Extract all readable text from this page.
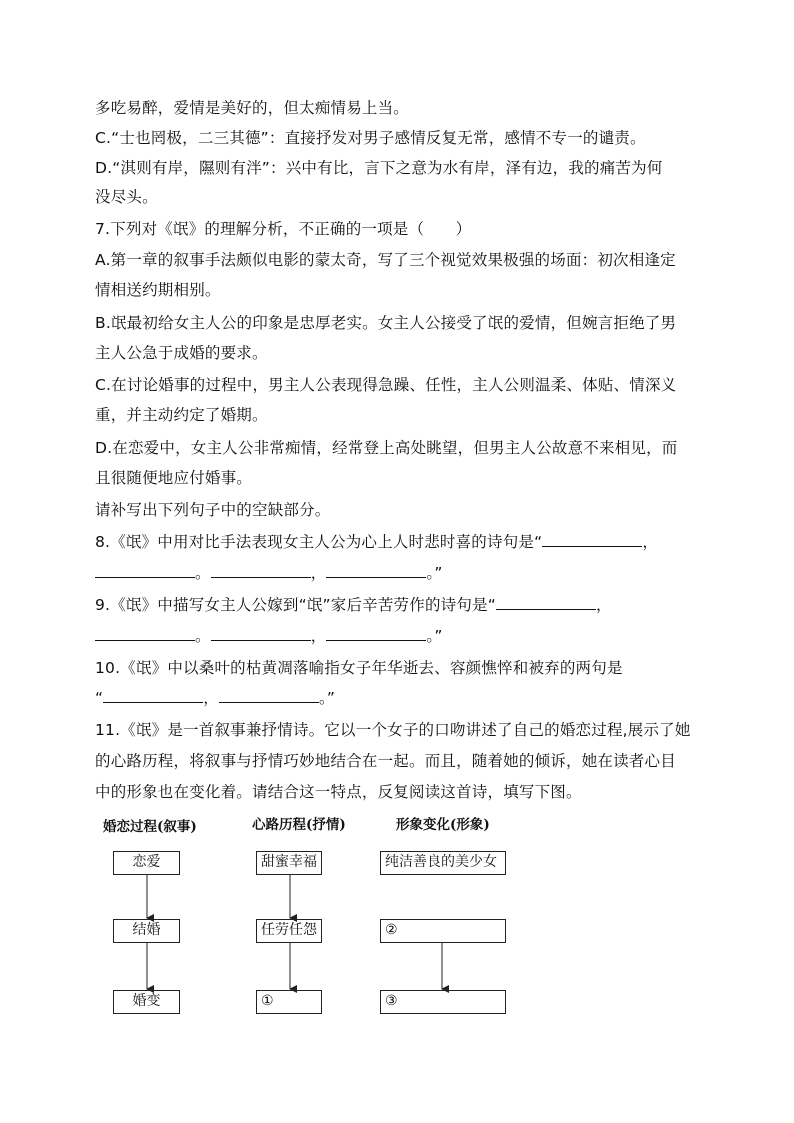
多吃易醉，爱情是美好的，但太痴情易上当。
C.“士也罔极，二三其德”：直接抒发对男子感情反复无常，感情不专一的谴责。
D.“淇则有岸，隰则有泮”：兴中有比，言下之意为水有岸，泽有边，我的痛苦为何
没尽头。
7.下列对《氓》的理解分析，不正确的一项是（　　）
A.第一章的叙事手法颇似电影的蒙太奇，写了三个视觉效果极强的场面：初次相逢定
情相送约期相别。
B.氓最初给女主人公的印象是忠厚老实。女主人公接受了氓的爱情，但婉言拒绝了男
主人公急于成婚的要求。
C.在讨论婚事的过程中，男主人公表现得急躁、任性，主人公则温柔、体贴、情深义
重，并主动约定了婚期。
D.在恋爱中，女主人公非常痴情，经常登上高处眺望，但男主人公故意不来相见，而
且很随便地应付婚事。
请补写出下列句子中的空缺部分。
8.《氓》中用对比手法表现女主人公为心上人时悲时喜的诗句是“	，
。	，	。”
9.《氓》中描写女主人公嫁到“氓”家后辛苦劳作的诗句是“	，
。	，	。”
10.《氓》中以桑叶的枯黄凋落喻指女子年华逝去、容颜憔悴和被弃的两句是
“	，	。”
11.《氓》是一首叙事兼抒情诗。它以一个女子的口吻讲述了自己的婚恋过程,展示了她
的心路历程，将叙事与抒情巧妙地结合在一起。而且，随着她的倾诉，她在读者心目
中的形象也在变化着。请结合这一特点，反复阅读这首诗，填写下图。
婚恋过程(叙事)	心路历程(抒情)	形象变化(形象)
恋爱
结婚
婚变
甜蜜幸福
任劳任怨
①
纯洁善良的美少女
②
③
